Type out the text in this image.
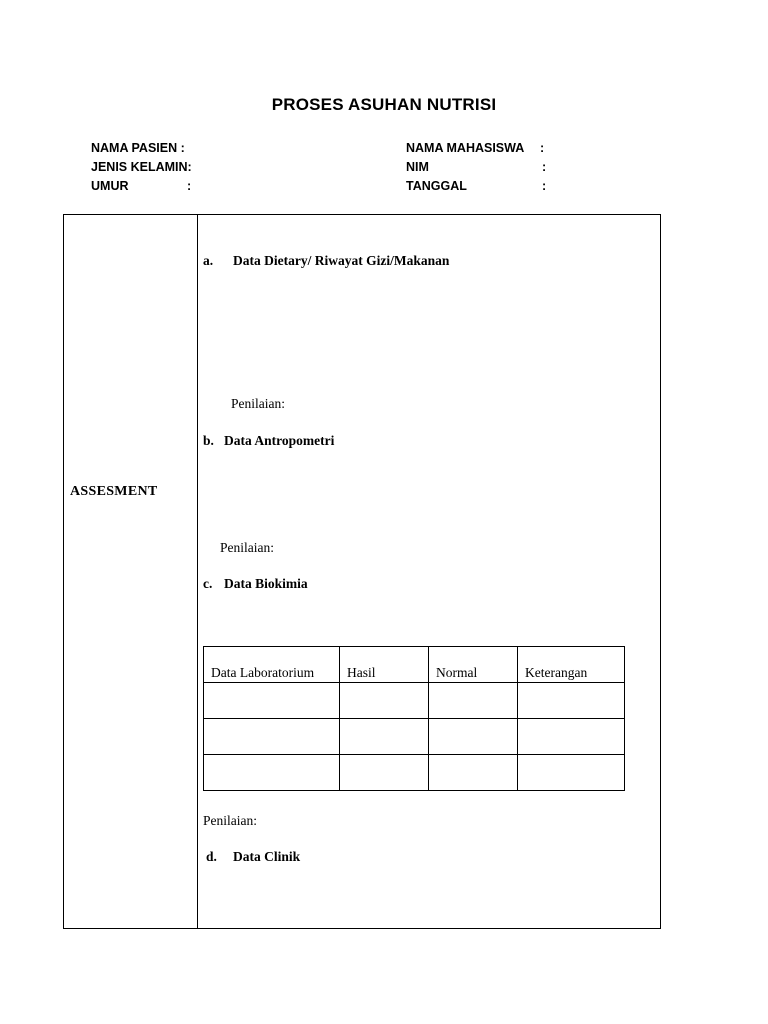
PROSES ASUHAN NUTRISI
NAMA PASIEN :
JENIS KELAMIN:
UMUR	:
NAMA MAHASISWA :
NIM	:
TANGGAL	:
ASSESMENT
a. Data Dietary/ Riwayat Gizi/Makanan
Penilaian:
b. Data Antropometri
Penilaian:
c. Data Biokimia
Data Laboratorium	Hasil	Normal	Keterangan

Penilaian:
d. Data Clinik
